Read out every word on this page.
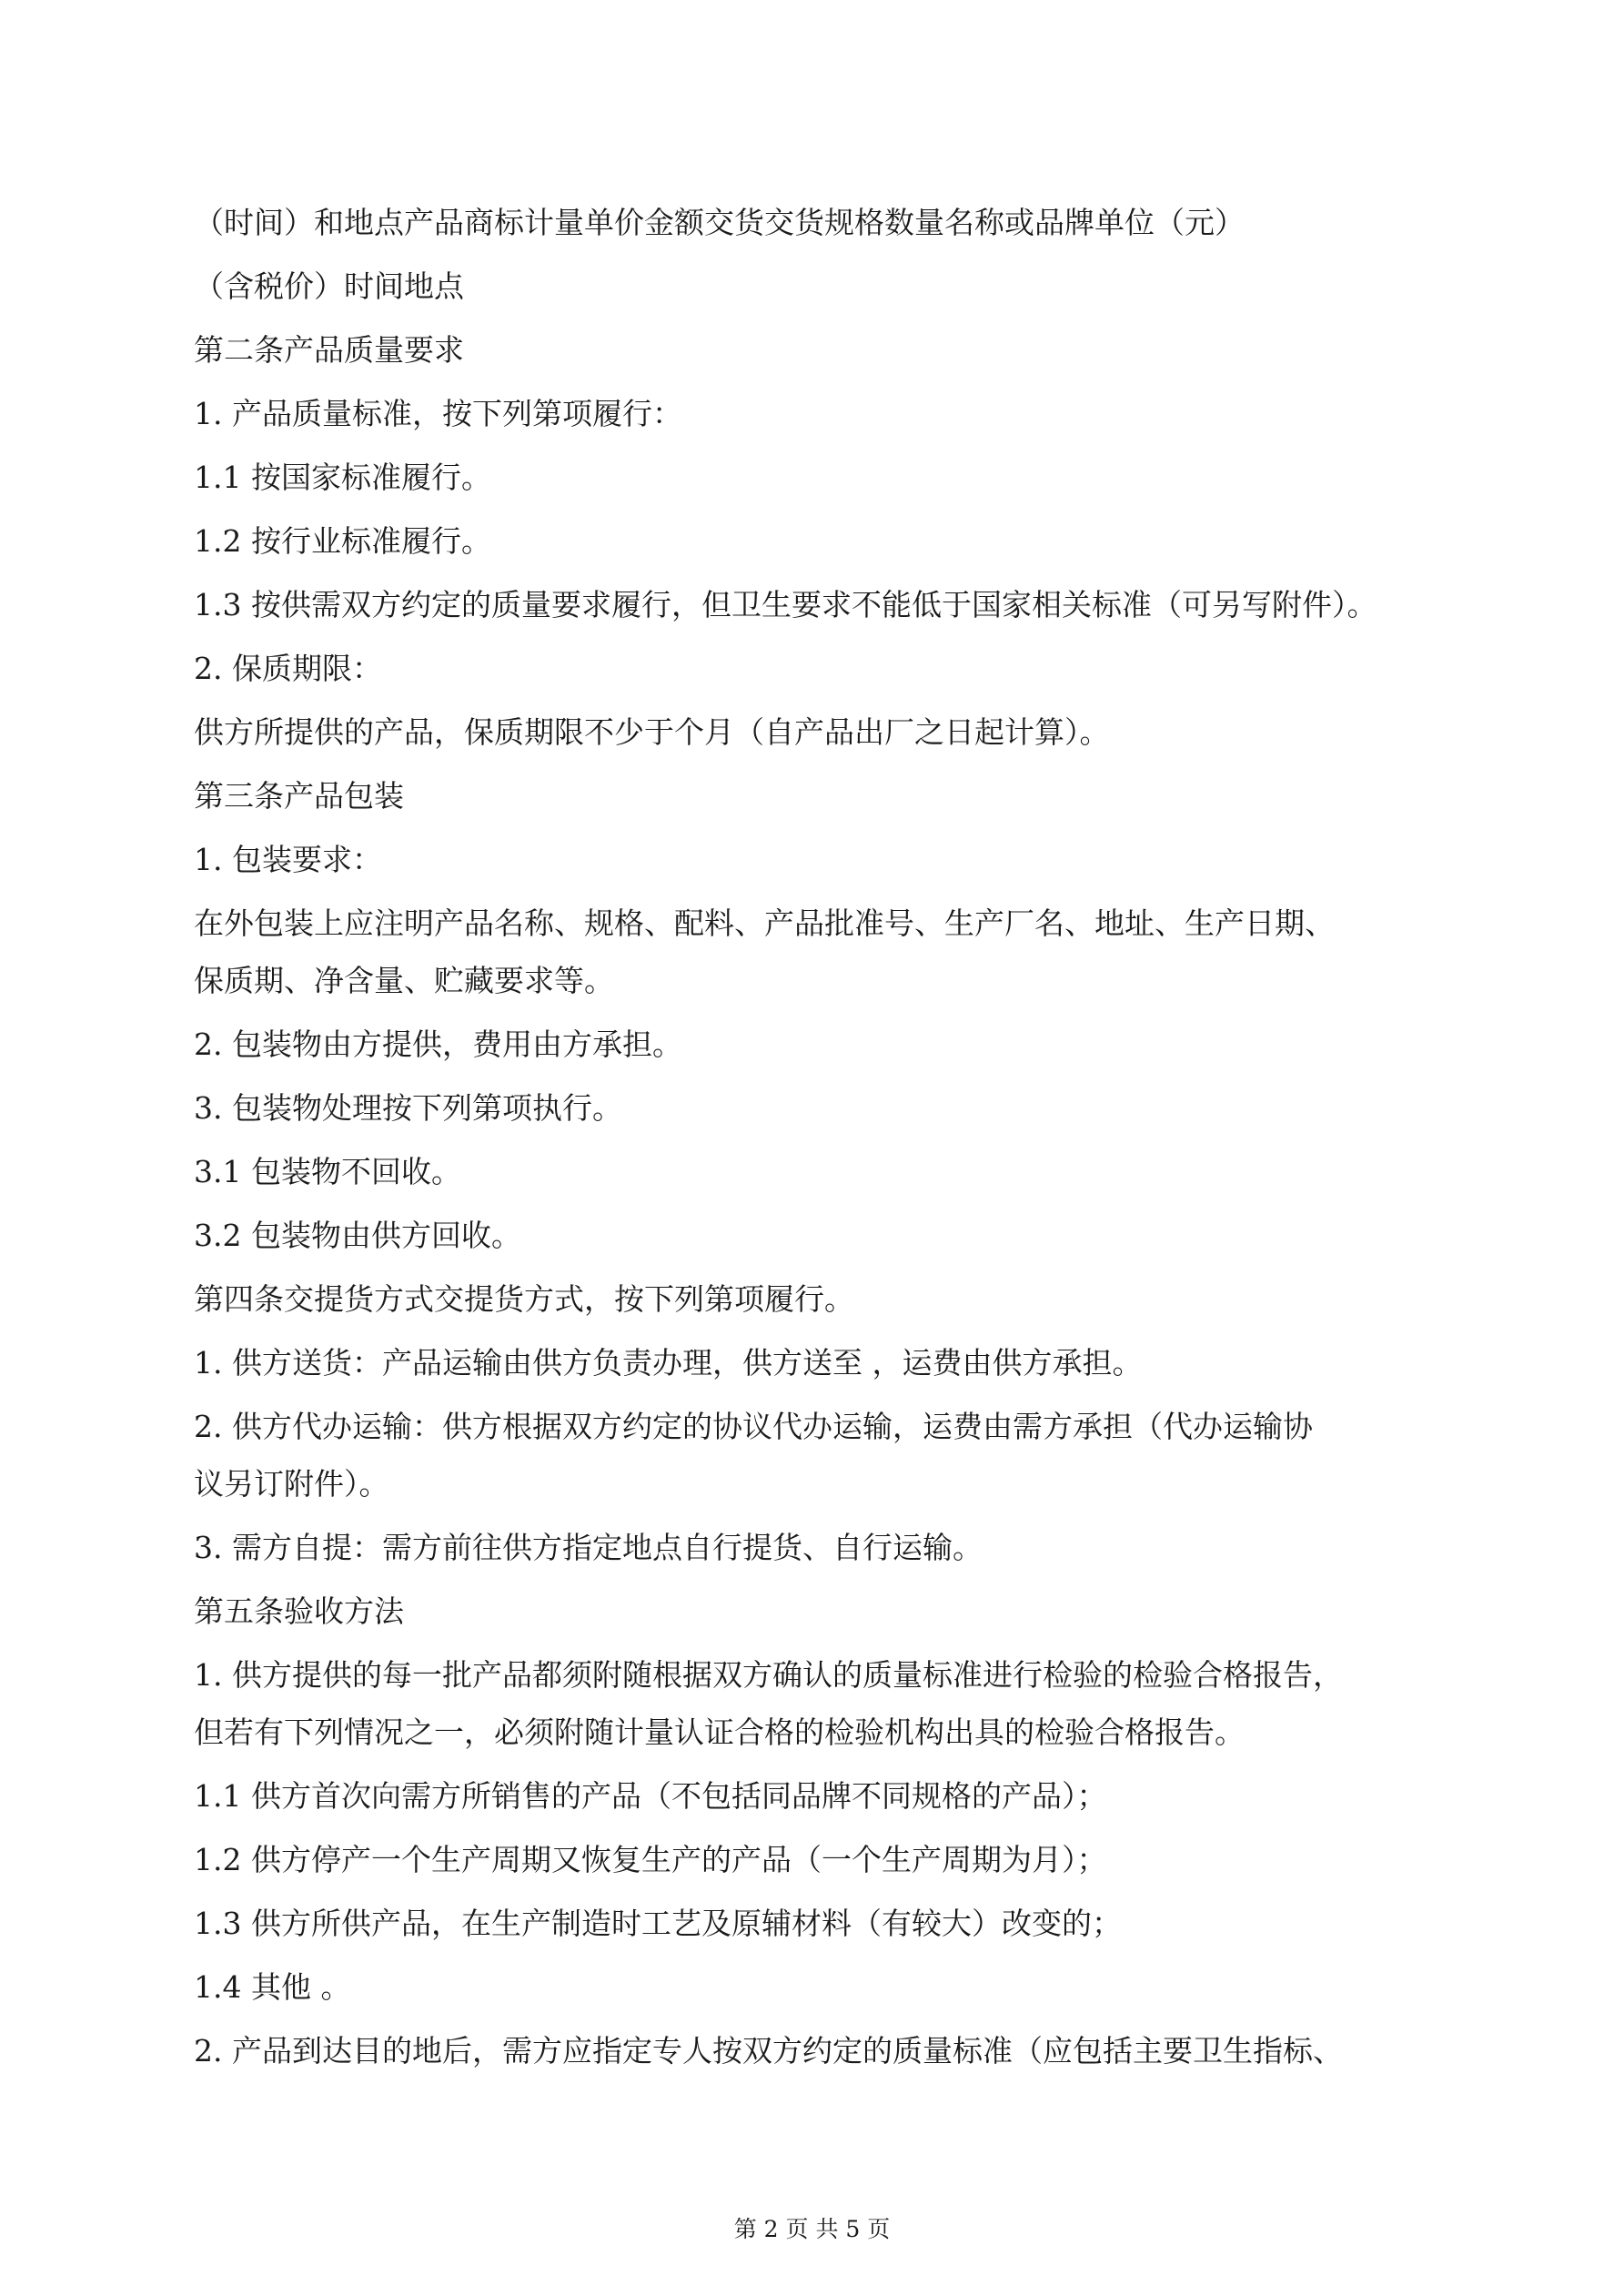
（时间）和地点产品商标计量单价金额交货交货规格数量名称或品牌单位（元）
（含税价）时间地点
第二条产品质量要求
1. 产品质量标准，按下列第项履行：
1.1 按国家标准履行。
1.2 按行业标准履行。
1.3 按供需双方约定的质量要求履行，但卫生要求不能低于国家相关标准（可另写附件）。
2. 保质期限：
供方所提供的产品，保质期限不少于个月（自产品出厂之日起计算）。
第三条产品包装
1. 包装要求：
在外包装上应注明产品名称、规格、配料、产品批准号、生产厂名、地址、生产日期、
保质期、净含量、贮藏要求等。
2. 包装物由方提供，费用由方承担。
3. 包装物处理按下列第项执行。
3.1 包装物不回收。
3.2 包装物由供方回收。
第四条交提货方式交提货方式，按下列第项履行。
1. 供方送货：产品运输由供方负责办理，供方送至 ，运费由供方承担。
2. 供方代办运输：供方根据双方约定的协议代办运输，运费由需方承担（代办运输协
议另订附件）。
3. 需方自提：需方前往供方指定地点自行提货、自行运输。
第五条验收方法
1. 供方提供的每一批产品都须附随根据双方确认的质量标准进行检验的检验合格报告，
但若有下列情况之一，必须附随计量认证合格的检验机构出具的检验合格报告。
1.1 供方首次向需方所销售的产品（不包括同品牌不同规格的产品）；
1.2 供方停产一个生产周期又恢复生产的产品（一个生产周期为月）；
1.3 供方所供产品，在生产制造时工艺及原辅材料（有较大）改变的；
1.4 其他 。
2. 产品到达目的地后，需方应指定专人按双方约定的质量标准（应包括主要卫生指标、
第 2 页 共 5 页
